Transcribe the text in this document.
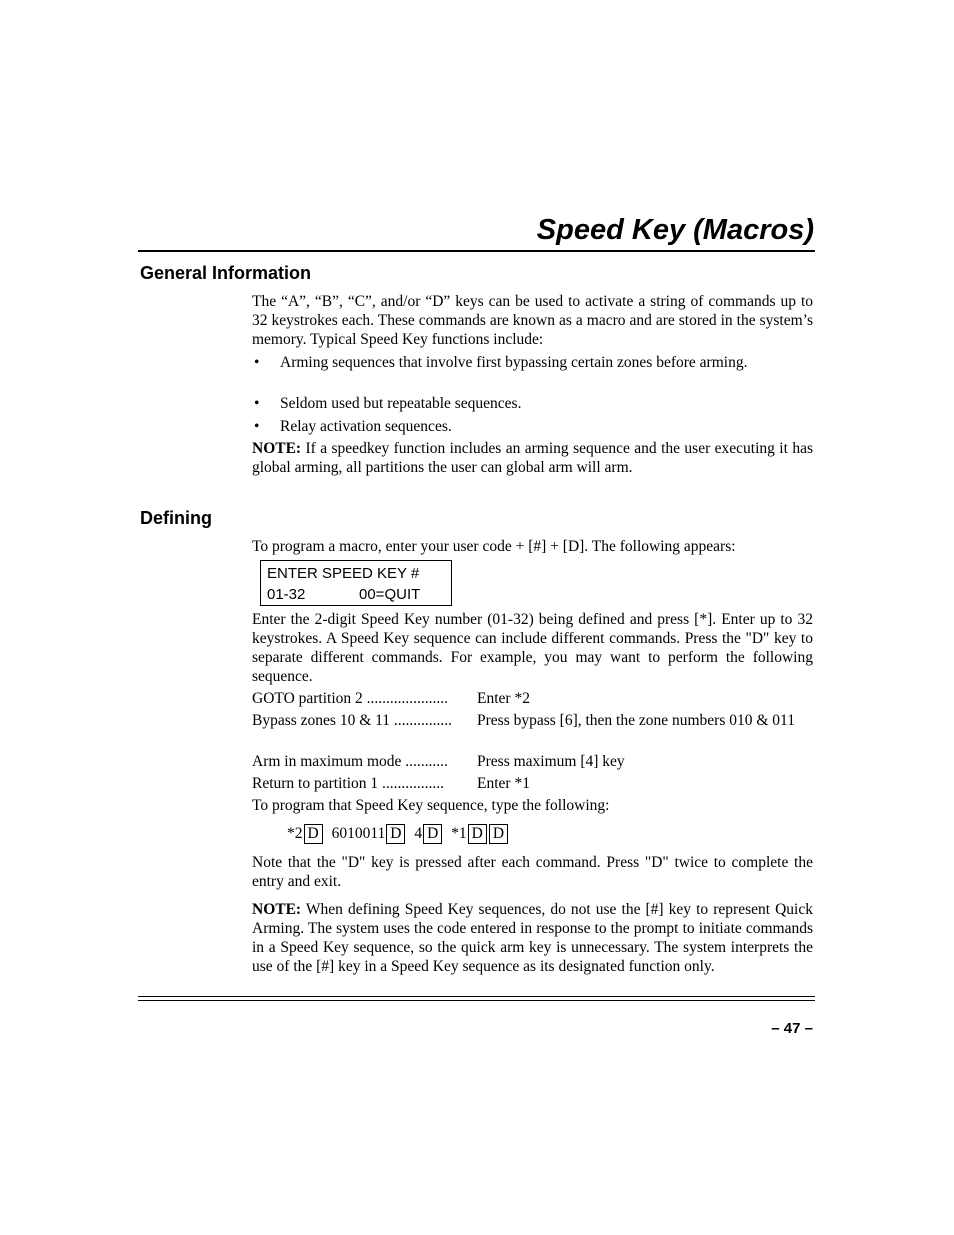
Speed Key (Macros)
General Information
The “A”, “B”, “C”, and/or “D” keys can be used to activate a string of commands up to 32 keystrokes each. These commands are known as a macro and are stored in the system’s memory. Typical Speed Key functions include:
• Arming sequences that involve first bypassing certain zones before arming.
• Seldom used but repeatable sequences.
• Relay activation sequences.
NOTE: If a speedkey function includes an arming sequence and the user executing it has global arming, all partitions the user can global arm will arm.
Defining
To program a macro, enter your user code + [#] + [D]. The following appears:
ENTER SPEED KEY #
01-32	00=QUIT
Enter the 2-digit Speed Key number (01-32) being defined and press [*]. Enter up to 32 keystrokes. A Speed Key sequence can include different commands. Press the "D" key to separate different commands. For example, you may want to perform the following sequence.
GOTO partition 2 .....................	Enter *2
Bypass zones 10 & 11 ...............	Press bypass [6], then the zone numbers 010 & 011
Arm in maximum mode ...........	Press maximum [4] key
Return to partition 1 ................	Enter *1
To program that Speed Key sequence, type the following:
*2 D 6010011 D 4 D *1 D D
Note that the "D" key is pressed after each command. Press "D" twice to complete the entry and exit.
NOTE: When defining Speed Key sequences, do not use the [#] key to represent Quick Arming. The system uses the code entered in response to the prompt to initiate commands in a Speed Key sequence, so the quick arm key is unnecessary. The system interprets the use of the [#] key in a Speed Key sequence as its designated function only.
– 47 –
